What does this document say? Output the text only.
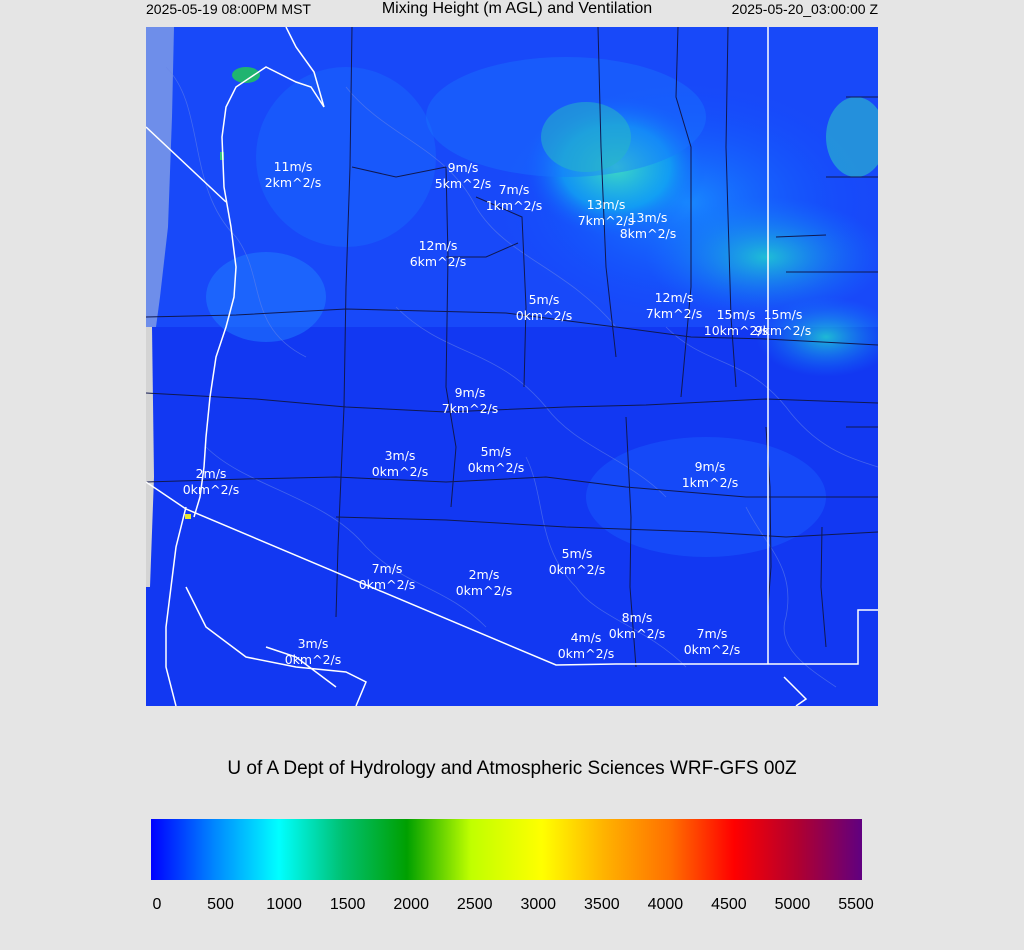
2025-05-19 08:00PM MST	Mixing Height (m AGL) and Ventilation	2025-05-20_03:00:00 Z
11m/s
2km^2/s
9m/s
5km^2/s 7m/s
1km^2/s	13m/s
7km^2/s
13m/s
8km^2/s
12m/s
6km^2/s
5m/s
0km^2/s
12m/s
7km^2/s 15m/s
10km^2/s
15m/s
9km^2/s
9m/s
7km^2/s
3m/s
0km^2/s
5m/s
0km^2/s	9m/s
1km^2/s
2m/s
0km^2/s
5m/s
0km^2/s
7m/s
0km^2/s
2m/s
0km^2/s
8m/s
0km^2/s
4m/s
0km^2/s
7m/s
0km^2/s
3m/s
0km^2/s
U of A Dept of Hydrology and Atmospheric Sciences WRF-GFS 00Z
0	500 1000 1500 2000 2500 3000 3500 4000 4500 5000 5500
